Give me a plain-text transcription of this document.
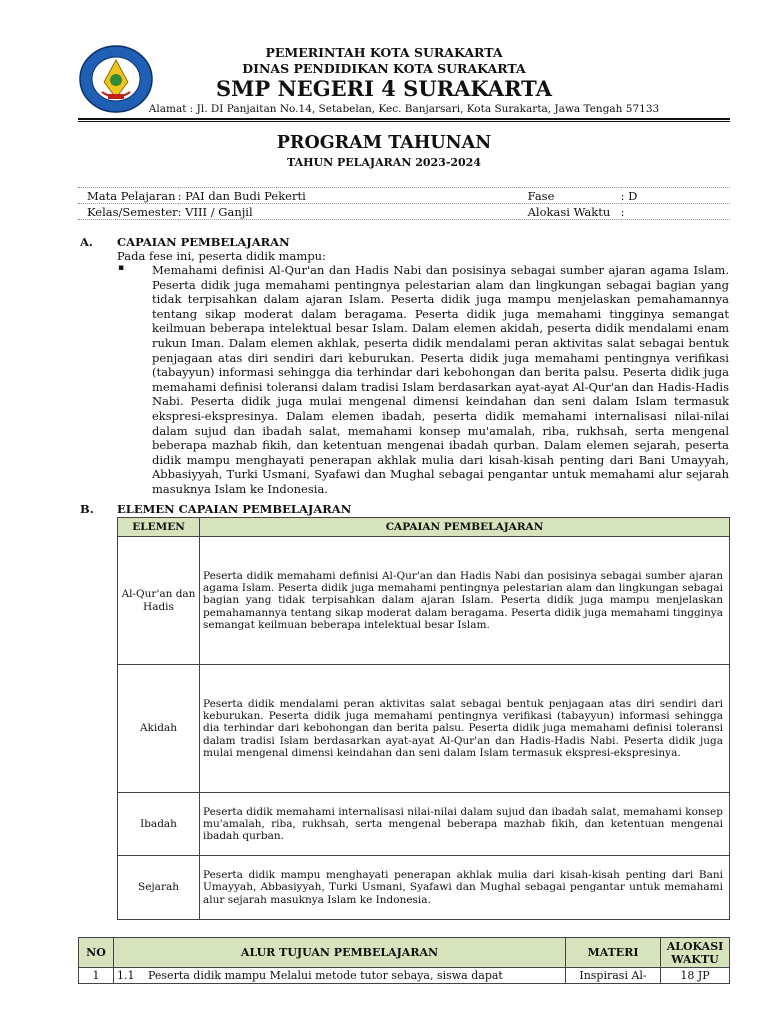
PEMERINTAH KOTA SURAKARTA
DINAS PENDIDIKAN KOTA SURAKARTA
SMP NEGERI 4 SURAKARTA
Alamat : Jl. DI Panjaitan No.14, Setabelan, Kec. Banjarsari, Kota Surakarta, Jawa Tengah 57133
PROGRAM TAHUNAN
TAHUN PELAJARAN 2023-2024
Mata Pelajaran	: PAI dan Budi Pekerti	Fase	: D
Kelas/Semester	: VIII / Ganjil	Alokasi Waktu	:
A. CAPAIAN PEMBELAJARAN
Pada fese ini, peserta didik mampu:
▪ Memahami definisi Al-Qur'an dan Hadis Nabi dan posisinya sebagai sumber ajaran agama Islam. Peserta didik juga memahami pentingnya pelestarian alam dan lingkungan sebagai bagian yang tidak terpisahkan dalam ajaran Islam. Peserta didik juga mampu menjelaskan pemahamannya tentang sikap moderat dalam beragama. Peserta didik juga memahami tingginya semangat keilmuan beberapa intelektual besar Islam. Dalam elemen akidah, peserta didik mendalami enam rukun Iman. Dalam elemen akhlak, peserta didik mendalami peran aktivitas salat sebagai bentuk penjagaan atas diri sendiri dari keburukan. Peserta didik juga memahami pentingnya verifikasi (tabayyun) informasi sehingga dia terhindar dari kebohongan dan berita palsu. Peserta didik juga memahami definisi toleransi dalam tradisi Islam berdasarkan ayat-ayat Al-Qur'an dan Hadis-Hadis Nabi. Peserta didik juga mulai mengenal dimensi keindahan dan seni dalam Islam termasuk ekspresi-ekspresinya. Dalam elemen ibadah, peserta didik memahami internalisasi nilai-nilai dalam sujud dan ibadah salat, memahami konsep mu'amalah, riba, rukhsah, serta mengenal beberapa mazhab fikih, dan ketentuan mengenai ibadah qurban. Dalam elemen sejarah, peserta didik mampu menghayati penerapan akhlak mulia dari kisah-kisah penting dari Bani Umayyah, Abbasiyyah, Turki Usmani, Syafawi dan Mughal sebagai pengantar untuk memahami alur sejarah masuknya Islam ke Indonesia.
B. ELEMEN CAPAIAN PEMBELAJARAN
ELEMEN	CAPAIAN PEMBELAJARAN
Al-Qur'an dan Hadis	Peserta didik memahami definisi Al-Qur'an dan Hadis Nabi dan posisinya sebagai sumber ajaran agama Islam. Peserta didik juga memahami pentingnya pelestarian alam dan lingkungan sebagai bagian yang tidak terpisahkan dalam ajaran Islam. Peserta didik juga mampu menjelaskan pemahamannya tentang sikap moderat dalam beragama. Peserta didik juga memahami tingginya semangat keilmuan beberapa intelektual besar Islam.
Akidah	Peserta didik mendalami peran aktivitas salat sebagai bentuk penjagaan atas diri sendiri dari keburukan. Peserta didik juga memahami pentingnya verifikasi (tabayyun) informasi sehingga dia terhindar dari kebohongan dan berita palsu. Peserta didik juga memahami definisi toleransi dalam tradisi Islam berdasarkan ayat-ayat Al-Qur'an dan Hadis-Hadis Nabi. Peserta didik juga mulai mengenal dimensi keindahan dan seni dalam Islam termasuk ekspresi-ekspresinya.
Ibadah	Peserta didik memahami internalisasi nilai-nilai dalam sujud dan ibadah salat, memahami konsep mu'amalah, riba, rukhsah, serta mengenal beberapa mazhab fikih, dan ketentuan mengenai ibadah qurban.
Sejarah	Peserta didik mampu menghayati penerapan akhlak mulia dari kisah-kisah penting dari Bani Umayyah, Abbasiyyah, Turki Usmani, Syafawi dan Mughal sebagai pengantar untuk memahami alur sejarah masuknya Islam ke Indonesia.
NO	ALUR TUJUAN PEMBELAJARAN	MATERI	ALOKASI
WAKTU
1	1.1 Peserta didik mampu Melalui metode tutor sebaya, siswa dapat	Inspirasi Al-	18 JP
